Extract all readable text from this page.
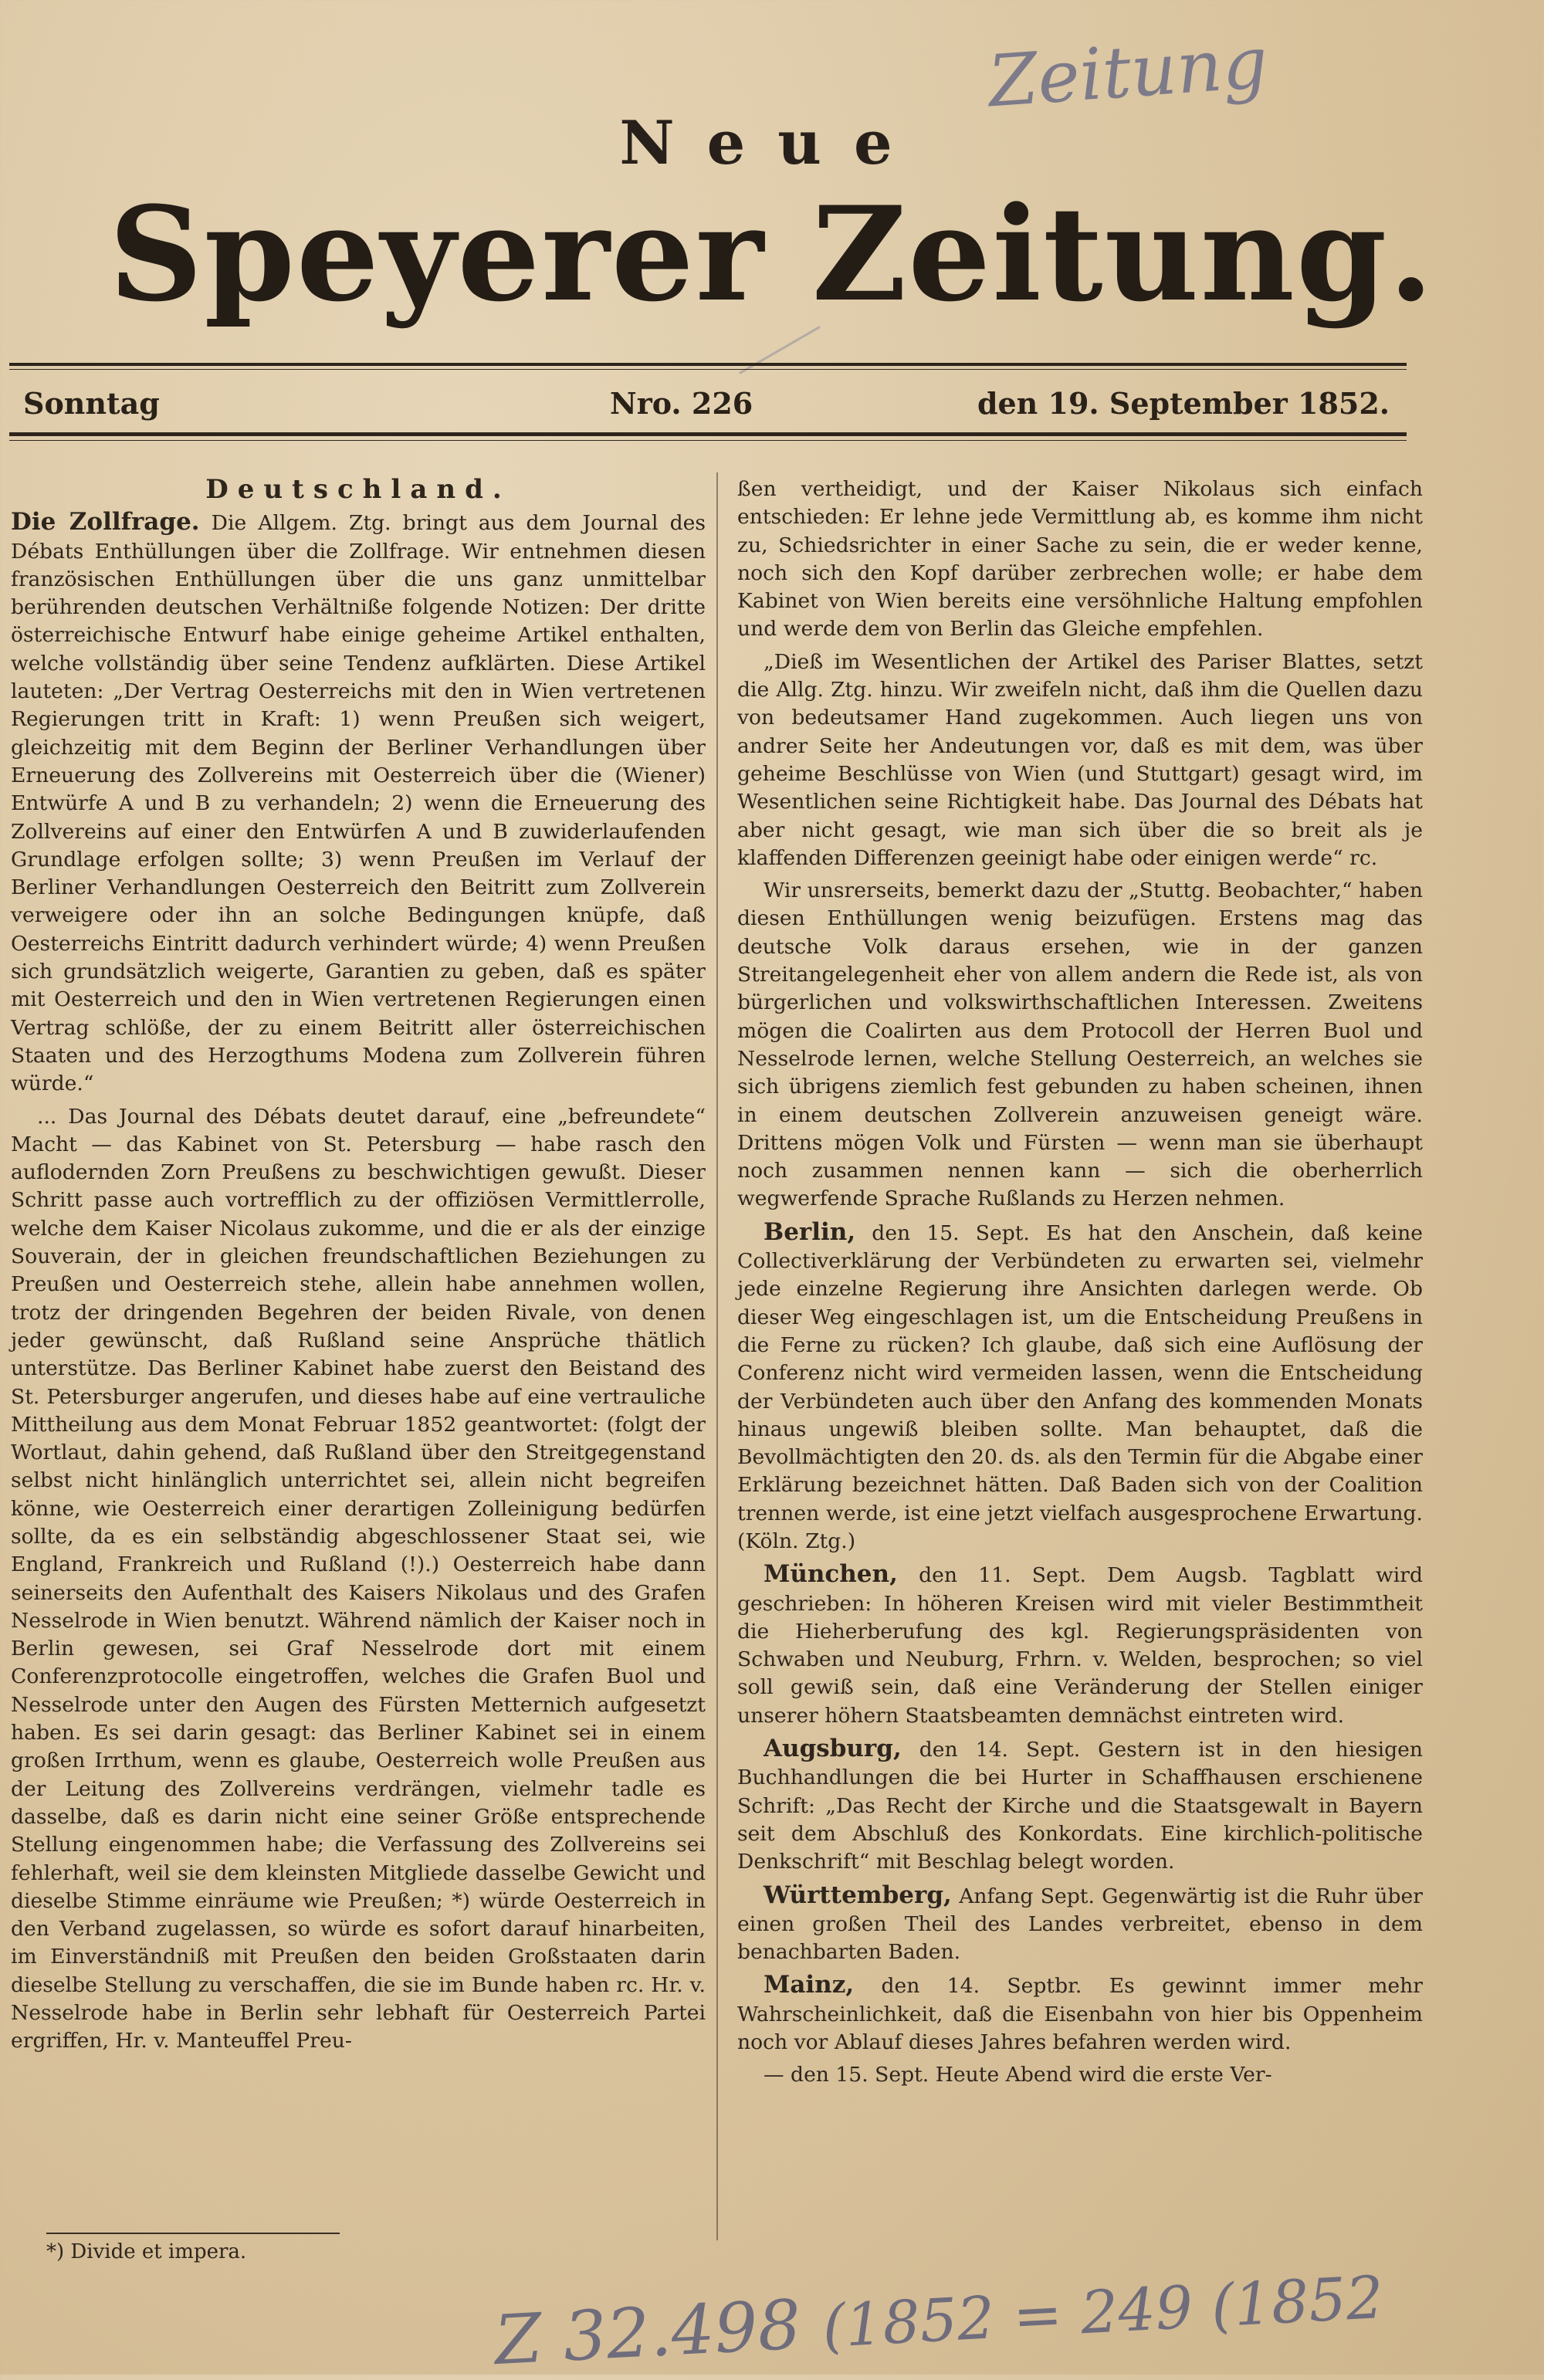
Zeitung
Neue
Speyerer Zeitung.
Sonntag	Nro. 226	den 19. September 1852.

Deutschland.

Die Zollfrage. Die Allgem. Ztg. bringt aus dem Journal des Débats Enthüllungen über die Zollfrage. Wir entnehmen diesen französischen Enthüllungen über die uns ganz unmittelbar berührenden deutschen Verhältniße folgende Notizen: Der dritte österreichische Entwurf habe einige geheime Artikel enthalten, welche vollständig über seine Tendenz aufklärten. Diese Artikel lauteten: „Der Vertrag Oesterreichs mit den in Wien vertretenen Regierungen tritt in Kraft: 1) wenn Preußen sich weigert, gleichzeitig mit dem Beginn der Berliner Verhandlungen über Erneuerung des Zollvereins mit Oesterreich über die (Wiener) Entwürfe A und B zu verhandeln; 2) wenn die Erneuerung des Zollvereins auf einer den Entwürfen A und B zuwiderlaufenden Grundlage erfolgen sollte; 3) wenn Preußen im Verlauf der Berliner Verhandlungen Oesterreich den Beitritt zum Zollverein verweigere oder ihn an solche Bedingungen knüpfe, daß Oesterreichs Eintritt dadurch verhindert würde; 4) wenn Preußen sich grundsätzlich weigerte, Garantien zu geben, daß es später mit Oesterreich und den in Wien vertretenen Regierungen einen Vertrag schlöße, der zu einem Beitritt aller österreichischen Staaten und des Herzogthums Modena zum Zollverein führen würde.“

... Das Journal des Débats deutet darauf, eine „befreundete“ Macht — das Kabinet von St. Petersburg — habe rasch den auflodernden Zorn Preußens zu beschwichtigen gewußt. Dieser Schritt passe auch vortrefflich zu der offiziösen Vermittlerrolle, welche dem Kaiser Nicolaus zukomme, und die er als der einzige Souverain, der in gleichen freundschaftlichen Beziehungen zu Preußen und Oesterreich stehe, allein habe annehmen wollen, trotz der dringenden Begehren der beiden Rivale, von denen jeder gewünscht, daß Rußland seine Ansprüche thätlich unterstütze. Das Berliner Kabinet habe zuerst den Beistand des St. Petersburger angerufen, und dieses habe auf eine vertrauliche Mittheilung aus dem Monat Februar 1852 geantwortet: (folgt der Wortlaut, dahin gehend, daß Rußland über den Streitgegenstand selbst nicht hinlänglich unterrichtet sei, allein nicht begreifen könne, wie Oesterreich einer derartigen Zolleinigung bedürfen sollte, da es ein selbständig abgeschlossener Staat sei, wie England, Frankreich und Rußland (!).) Oesterreich habe dann seinerseits den Aufenthalt des Kaisers Nikolaus und des Grafen Nesselrode in Wien benutzt. Während nämlich der Kaiser noch in Berlin gewesen, sei Graf Nesselrode dort mit einem Conferenzprotocolle eingetroffen, welches die Grafen Buol und Nesselrode unter den Augen des Fürsten Metternich aufgesetzt haben. Es sei darin gesagt: das Berliner Kabinet sei in einem großen Irrthum, wenn es glaube, Oesterreich wolle Preußen aus der Leitung des Zollvereins verdrängen, vielmehr tadle es dasselbe, daß es darin nicht eine seiner Größe entsprechende Stellung eingenommen habe; die Verfassung des Zollvereins sei fehlerhaft, weil sie dem kleinsten Mitgliede dasselbe Gewicht und dieselbe Stimme einräume wie Preußen; *) würde Oesterreich in den Verband zugelassen, so würde es sofort darauf hinarbeiten, im Einverständniß mit Preußen den beiden Großstaaten darin dieselbe Stellung zu verschaffen, die sie im Bunde haben rc. Hr. v. Nesselrode habe in Berlin sehr lebhaft für Oesterreich Partei ergriffen, Hr. v. Manteuffel Preu-

*) Divide et impera.

ßen vertheidigt, und der Kaiser Nikolaus sich einfach entschieden: Er lehne jede Vermittlung ab, es komme ihm nicht zu, Schiedsrichter in einer Sache zu sein, die er weder kenne, noch sich den Kopf darüber zerbrechen wolle; er habe dem Kabinet von Wien bereits eine versöhnliche Haltung empfohlen und werde dem von Berlin das Gleiche empfehlen.

„Dieß im Wesentlichen der Artikel des Pariser Blattes, setzt die Allg. Ztg. hinzu. Wir zweifeln nicht, daß ihm die Quellen dazu von bedeutsamer Hand zugekommen. Auch liegen uns von andrer Seite her Andeutungen vor, daß es mit dem, was über geheime Beschlüsse von Wien (und Stuttgart) gesagt wird, im Wesentlichen seine Richtigkeit habe. Das Journal des Débats hat aber nicht gesagt, wie man sich über die so breit als je klaffenden Differenzen geeinigt habe oder einigen werde“ rc.

Wir unsrerseits, bemerkt dazu der „Stuttg. Beobachter,“ haben diesen Enthüllungen wenig beizufügen. Erstens mag das deutsche Volk daraus ersehen, wie in der ganzen Streitangelegenheit eher von allem andern die Rede ist, als von bürgerlichen und volkswirthschaftlichen Interessen. Zweitens mögen die Coalirten aus dem Protocoll der Herren Buol und Nesselrode lernen, welche Stellung Oesterreich, an welches sie sich übrigens ziemlich fest gebunden zu haben scheinen, ihnen in einem deutschen Zollverein anzuweisen geneigt wäre. Drittens mögen Volk und Fürsten — wenn man sie überhaupt noch zusammen nennen kann — sich die oberherrlich wegwerfende Sprache Rußlands zu Herzen nehmen.

Berlin, den 15. Sept. Es hat den Anschein, daß keine Collectiverklärung der Verbündeten zu erwarten sei, vielmehr jede einzelne Regierung ihre Ansichten darlegen werde. Ob dieser Weg eingeschlagen ist, um die Entscheidung Preußens in die Ferne zu rücken? Ich glaube, daß sich eine Auflösung der Conferenz nicht wird vermeiden lassen, wenn die Entscheidung der Verbündeten auch über den Anfang des kommenden Monats hinaus ungewiß bleiben sollte. Man behauptet, daß die Bevollmächtigten den 20. ds. als den Termin für die Abgabe einer Erklärung bezeichnet hätten. Daß Baden sich von der Coalition trennen werde, ist eine jetzt vielfach ausgesprochene Erwartung. (Köln. Ztg.)

München, den 11. Sept. Dem Augsb. Tagblatt wird geschrieben: In höheren Kreisen wird mit vieler Bestimmtheit die Hieherberufung des kgl. Regierungspräsidenten von Schwaben und Neuburg, Frhrn. v. Welden, besprochen; so viel soll gewiß sein, daß eine Veränderung der Stellen einiger unserer höhern Staatsbeamten demnächst eintreten wird.

Augsburg, den 14. Sept. Gestern ist in den hiesigen Buchhandlungen die bei Hurter in Schaffhausen erschienene Schrift: „Das Recht der Kirche und die Staatsgewalt in Bayern seit dem Abschluß des Konkordats. Eine kirchlich-politische Denkschrift“ mit Beschlag belegt worden.

Württemberg, Anfang Sept. Gegenwärtig ist die Ruhr über einen großen Theil des Landes verbreitet, ebenso in dem benachbarten Baden.

Mainz, den 14. Septbr. Es gewinnt immer mehr Wahrscheinlichkeit, daß die Eisenbahn von hier bis Oppenheim noch vor Ablauf dieses Jahres befahren werden wird.

— den 15. Sept. Heute Abend wird die erste Ver-

Z 32.498 (1852 = 249 (1852
